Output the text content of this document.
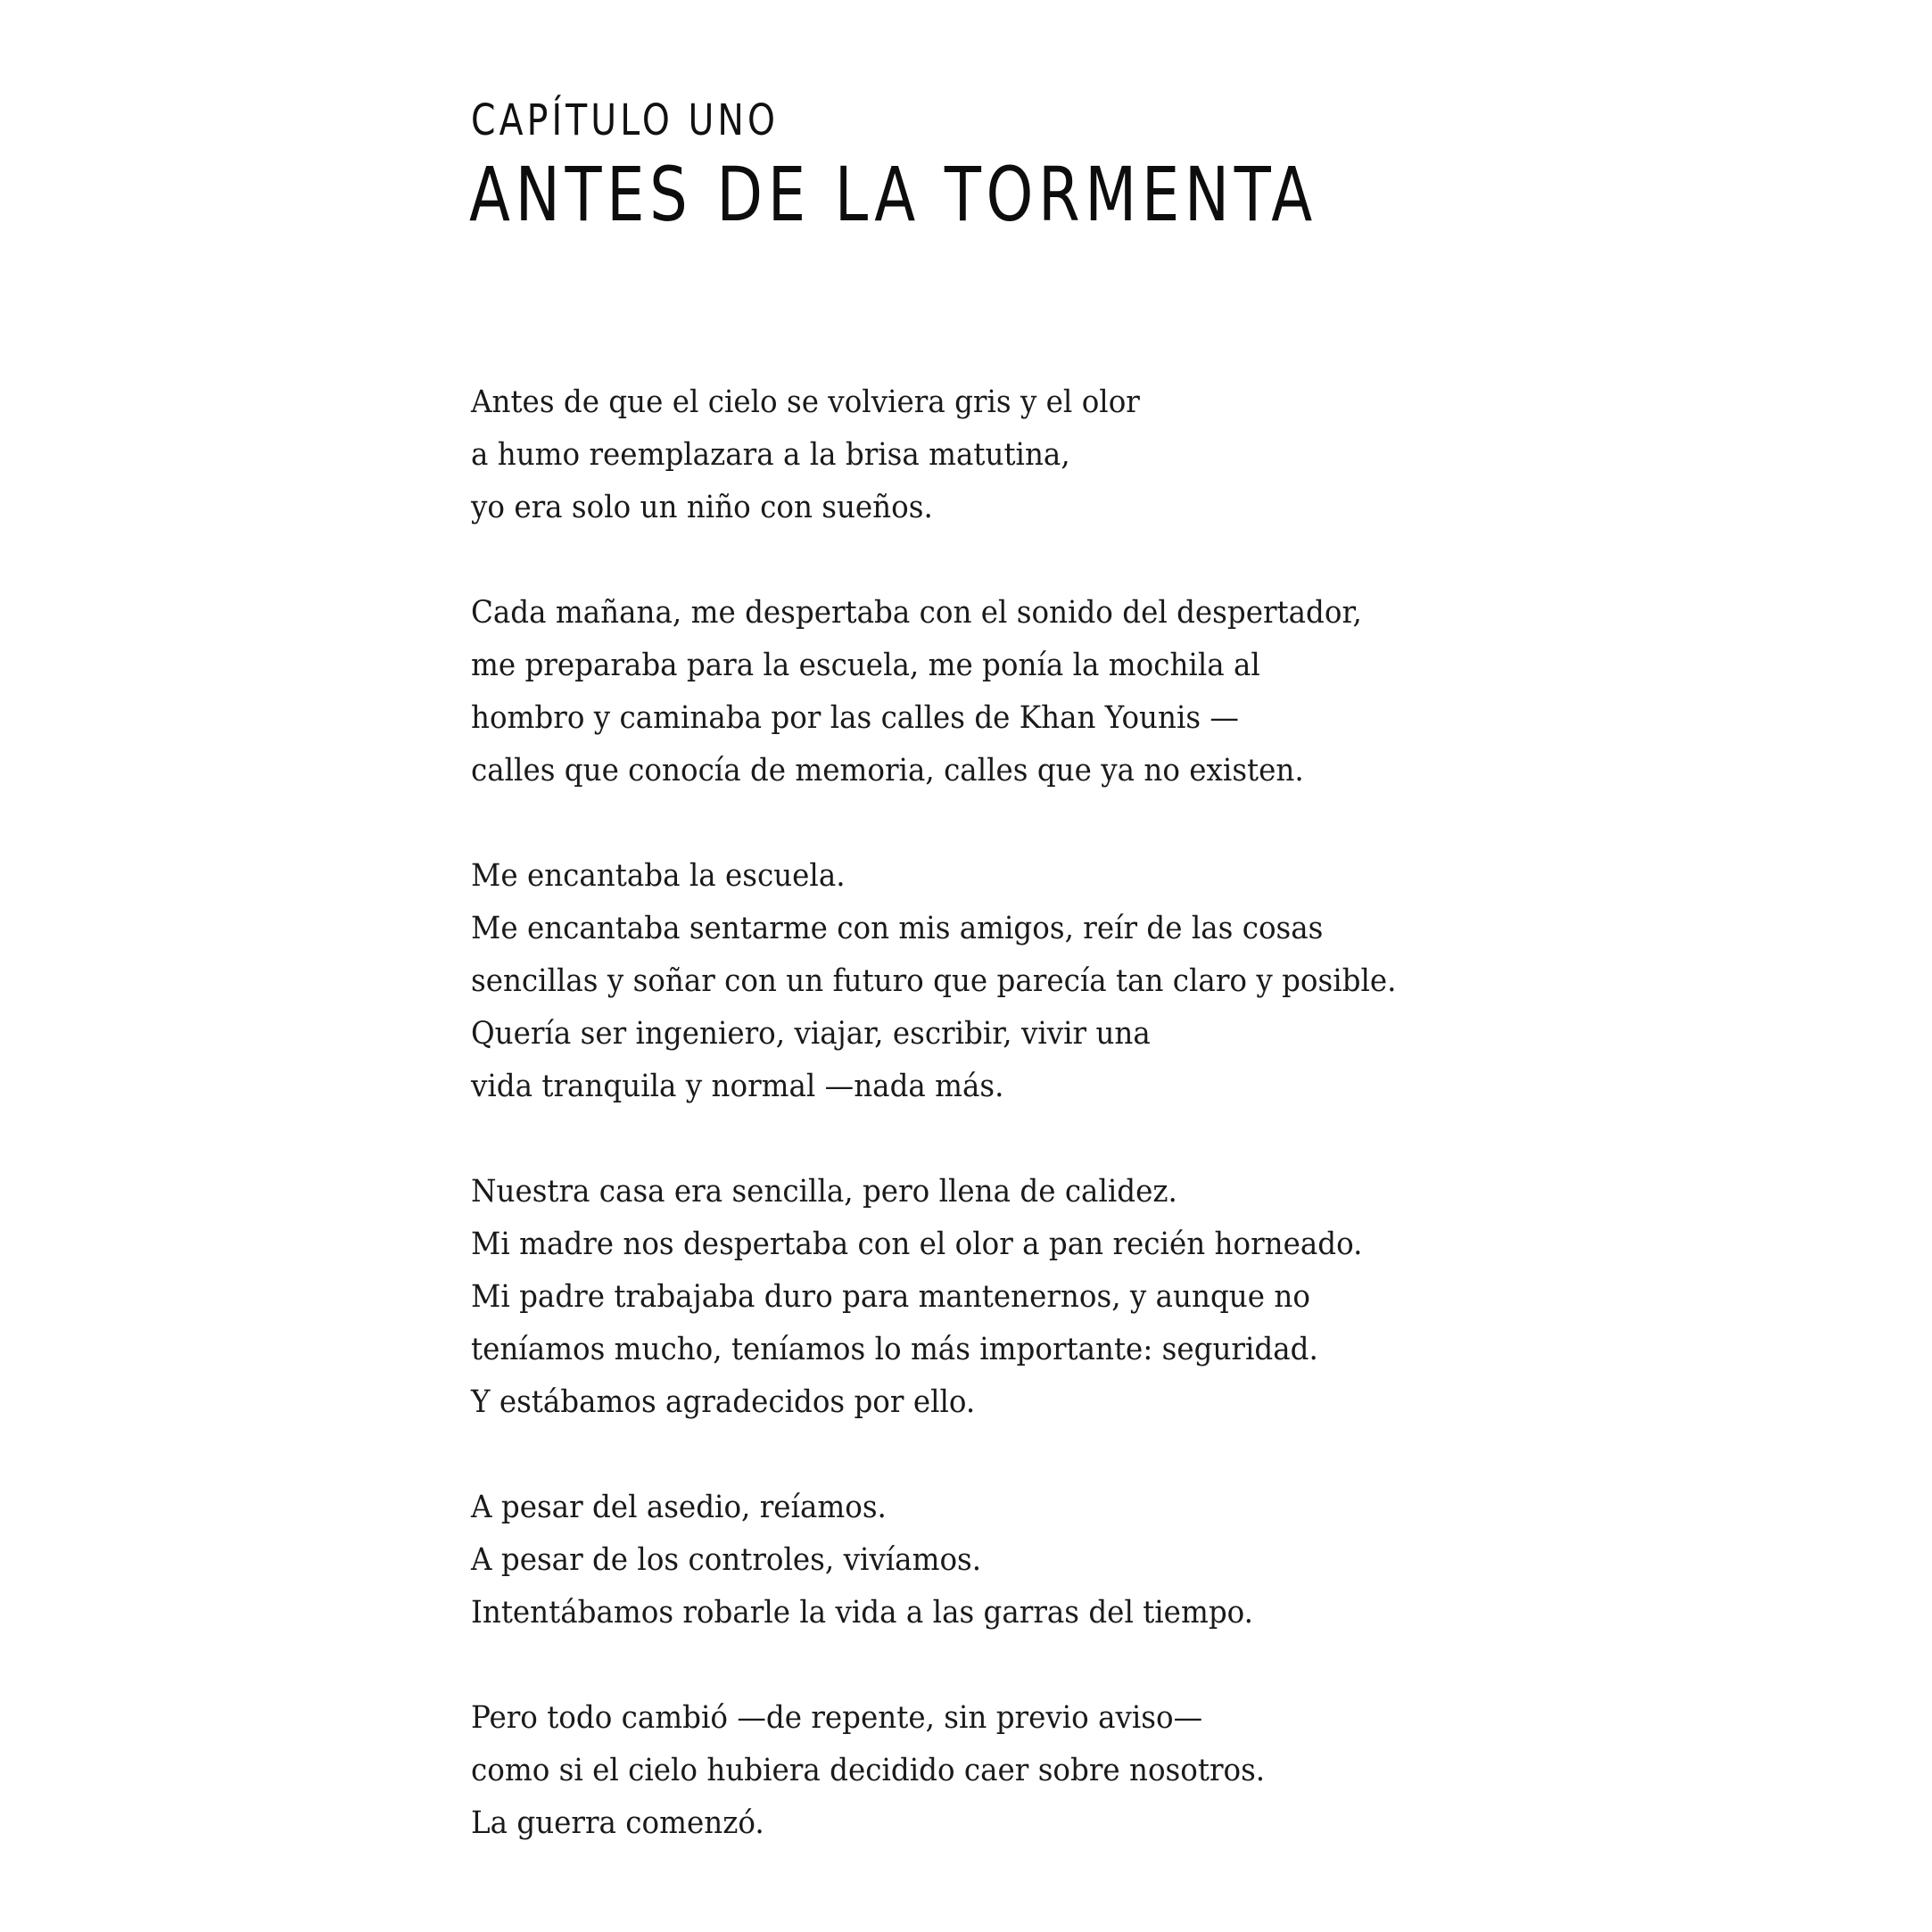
CAPÍTULO UNO
ANTES DE LA TORMENTA
Antes de que el cielo se volviera gris y el olor
a humo reemplazara a la brisa matutina,
yo era solo un niño con sueños.
Cada mañana, me despertaba con el sonido del despertador,
me preparaba para la escuela, me ponía la mochila al
hombro y caminaba por las calles de Khan Younis —
calles que conocía de memoria, calles que ya no existen.
Me encantaba la escuela.
Me encantaba sentarme con mis amigos, reír de las cosas
sencillas y soñar con un futuro que parecía tan claro y posible.
Quería ser ingeniero, viajar, escribir, vivir una
vida tranquila y normal —nada más.
Nuestra casa era sencilla, pero llena de calidez.
Mi madre nos despertaba con el olor a pan recién horneado.
Mi padre trabajaba duro para mantenernos, y aunque no
teníamos mucho, teníamos lo más importante: seguridad.
Y estábamos agradecidos por ello.
A pesar del asedio, reíamos.
A pesar de los controles, vivíamos.
Intentábamos robarle la vida a las garras del tiempo.
Pero todo cambió —de repente, sin previo aviso—
como si el cielo hubiera decidido caer sobre nosotros.
La guerra comenzó.
